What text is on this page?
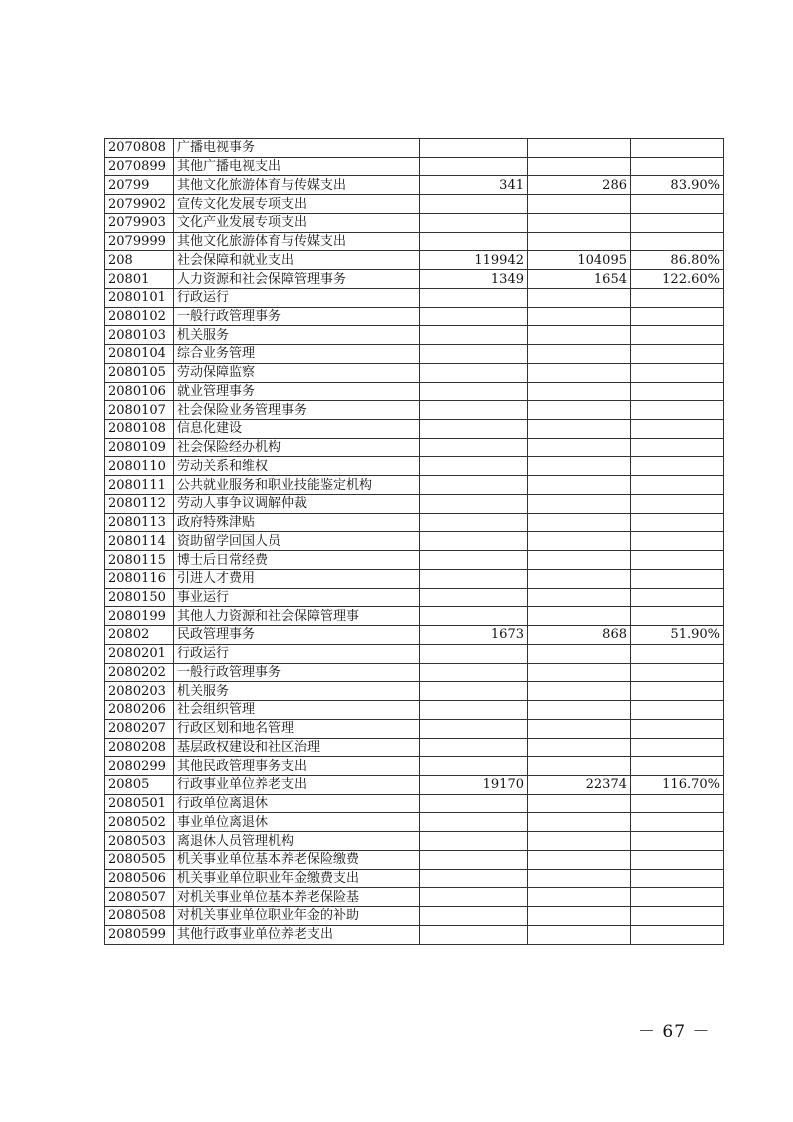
2070808	广播电视事务			
2070899	其他广播电视支出			
20799	其他文化旅游体育与传媒支出	341	286	83.90%
2079902	宣传文化发展专项支出			
2079903	文化产业发展专项支出			
2079999	其他文化旅游体育与传媒支出			
208	社会保障和就业支出	119942	104095	86.80%
20801	人力资源和社会保障管理事务	1349	1654	122.60%
2080101	行政运行			
2080102	一般行政管理事务			
2080103	机关服务			
2080104	综合业务管理			
2080105	劳动保障监察			
2080106	就业管理事务			
2080107	社会保险业务管理事务			
2080108	信息化建设			
2080109	社会保险经办机构			
2080110	劳动关系和维权			
2080111	公共就业服务和职业技能鉴定机构			
2080112	劳动人事争议调解仲裁			
2080113	政府特殊津贴			
2080114	资助留学回国人员			
2080115	博士后日常经费			
2080116	引进人才费用			
2080150	事业运行			
2080199	其他人力资源和社会保障管理事			
20802	民政管理事务	1673	868	51.90%
2080201	行政运行			
2080202	一般行政管理事务			
2080203	机关服务			
2080206	社会组织管理			
2080207	行政区划和地名管理			
2080208	基层政权建设和社区治理			
2080299	其他民政管理事务支出			
20805	行政事业单位养老支出	19170	22374	116.70%
2080501	行政单位离退休			
2080502	事业单位离退休			
2080503	离退休人员管理机构			
2080505	机关事业单位基本养老保险缴费			
2080506	机关事业单位职业年金缴费支出			
2080507	对机关事业单位基本养老保险基			
2080508	对机关事业单位职业年金的补助			
2080599	其他行政事业单位养老支出			
－ 67 －
